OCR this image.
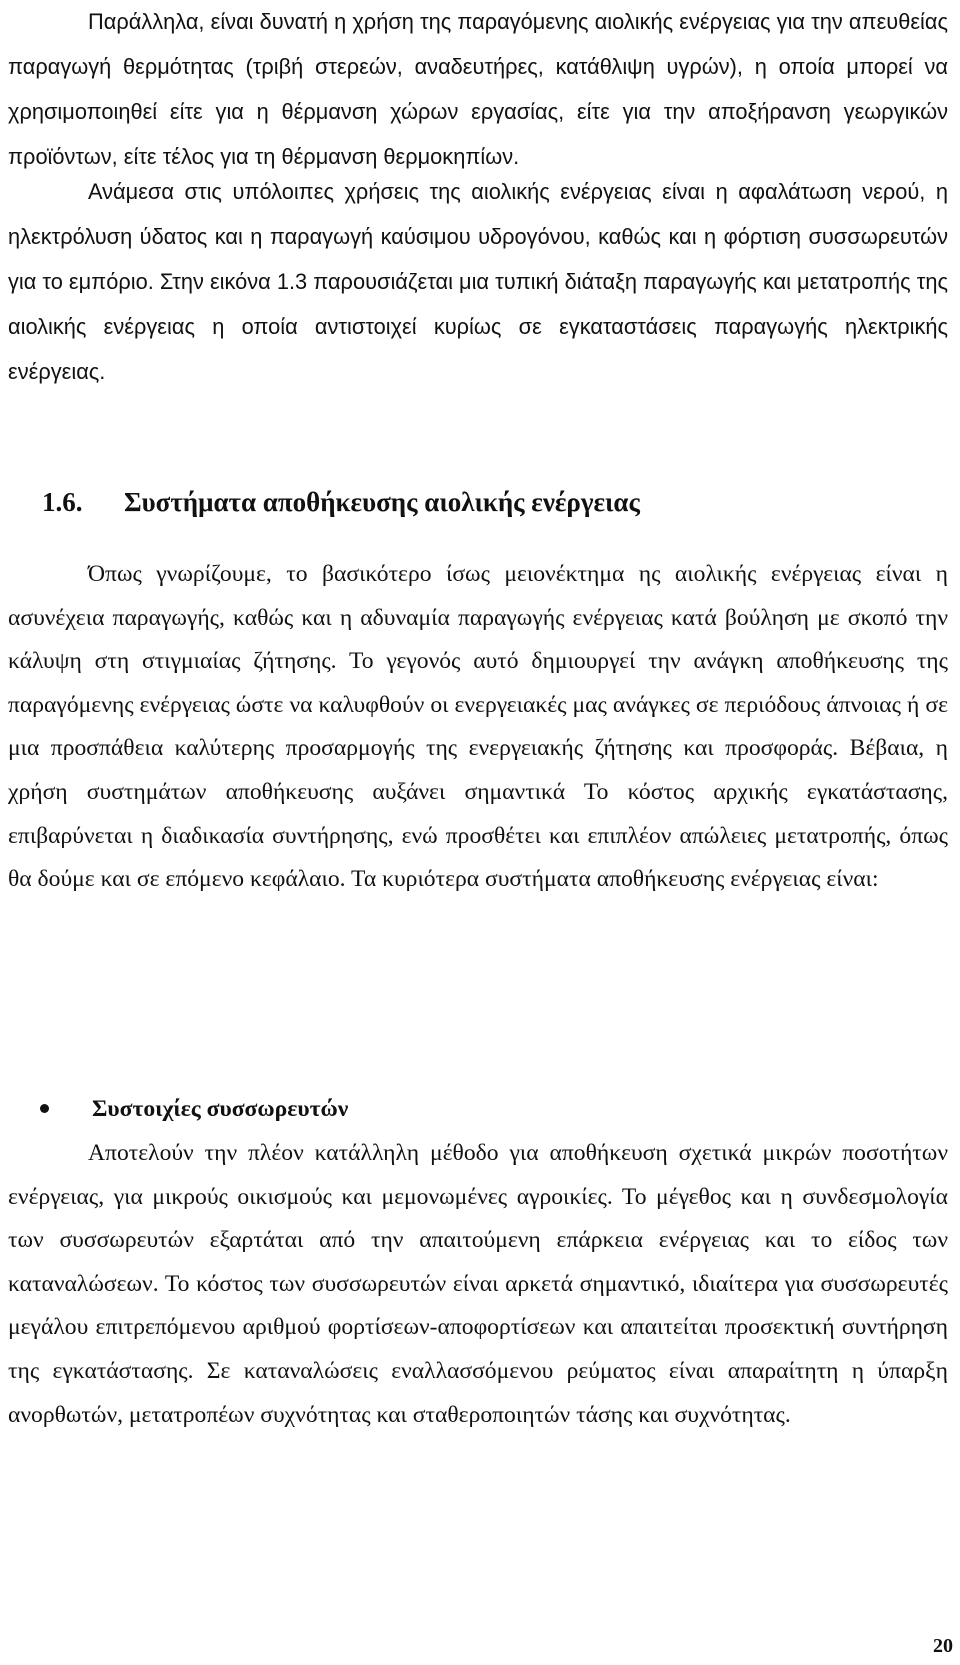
Παράλληλα, είναι δυνατή η χρήση της παραγόμενης αιολικής ενέργειας για την απευθείας παραγωγή θερμότητας (τριβή στερεών, αναδευτήρες, κατάθλιψη υγρών), η οποία μπορεί να χρησιμοποιηθεί είτε για η θέρμανση χώρων εργασίας, είτε για την αποξήρανση γεωργικών προϊόντων, είτε τέλος για τη θέρμανση θερμοκηπίων.

Ανάμεσα στις υπόλοιπες χρήσεις της αιολικής ενέργειας είναι η αφαλάτωση νερού, η ηλεκτρόλυση ύδατος και η παραγωγή καύσιμου υδρογόνου, καθώς και η φόρτιση συσσωρευτών για το εμπόριο. Στην εικόνα 1.3 παρουσιάζεται μια τυπική διάταξη παραγωγής και μετατροπής της αιολικής ενέργειας η οποία αντιστοιχεί κυρίως σε εγκαταστάσεις παραγωγής ηλεκτρικής ενέργειας.

1.6. Συστήματα αποθήκευσης αιολικής ενέργειας

Όπως γνωρίζουμε, το βασικότερο ίσως μειονέκτημα ης αιολικής ενέργειας είναι η ασυνέχεια παραγωγής, καθώς και η αδυναμία παραγωγής ενέργειας κατά βούληση με σκοπό την κάλυψη στη στιγμιαίας ζήτησης. Το γεγονός αυτό δημιουργεί την ανάγκη αποθήκευσης της παραγόμενης ενέργειας ώστε να καλυφθούν οι ενεργειακές μας ανάγκες σε περιόδους άπνοιας ή σε μια προσπάθεια καλύτερης προσαρμογής της ενεργειακής ζήτησης και προσφοράς. Βέβαια, η χρήση συστημάτων αποθήκευσης αυξάνει σημαντικά Το κόστος αρχικής εγκατάστασης, επιβαρύνεται η διαδικασία συντήρησης, ενώ προσθέτει και επιπλέον απώλειες μετατροπής, όπως θα δούμε και σε επόμενο κεφάλαιο. Τα κυριότερα συστήματα αποθήκευσης ενέργειας είναι:

Συστοιχίες συσσωρευτών

Αποτελούν την πλέον κατάλληλη μέθοδο για αποθήκευση σχετικά μικρών ποσοτήτων ενέργειας, για μικρούς οικισμούς και μεμονωμένες αγροικίες. Το μέγεθος και η συνδεσμολογία των συσσωρευτών εξαρτάται από την απαιτούμενη επάρκεια ενέργειας και το είδος των καταναλώσεων. Το κόστος των συσσωρευτών είναι αρκετά σημαντικό, ιδιαίτερα για συσσωρευτές μεγάλου επιτρεπόμενου αριθμού φορτίσεων-αποφορτίσεων και απαιτείται προσεκτική συντήρηση της εγκατάστασης. Σε καταναλώσεις εναλλασσόμενου ρεύματος είναι απαραίτητη η ύπαρξη ανορθωτών, μετατροπέων συχνότητας και σταθεροποιητών τάσης και συχνότητας.

20
